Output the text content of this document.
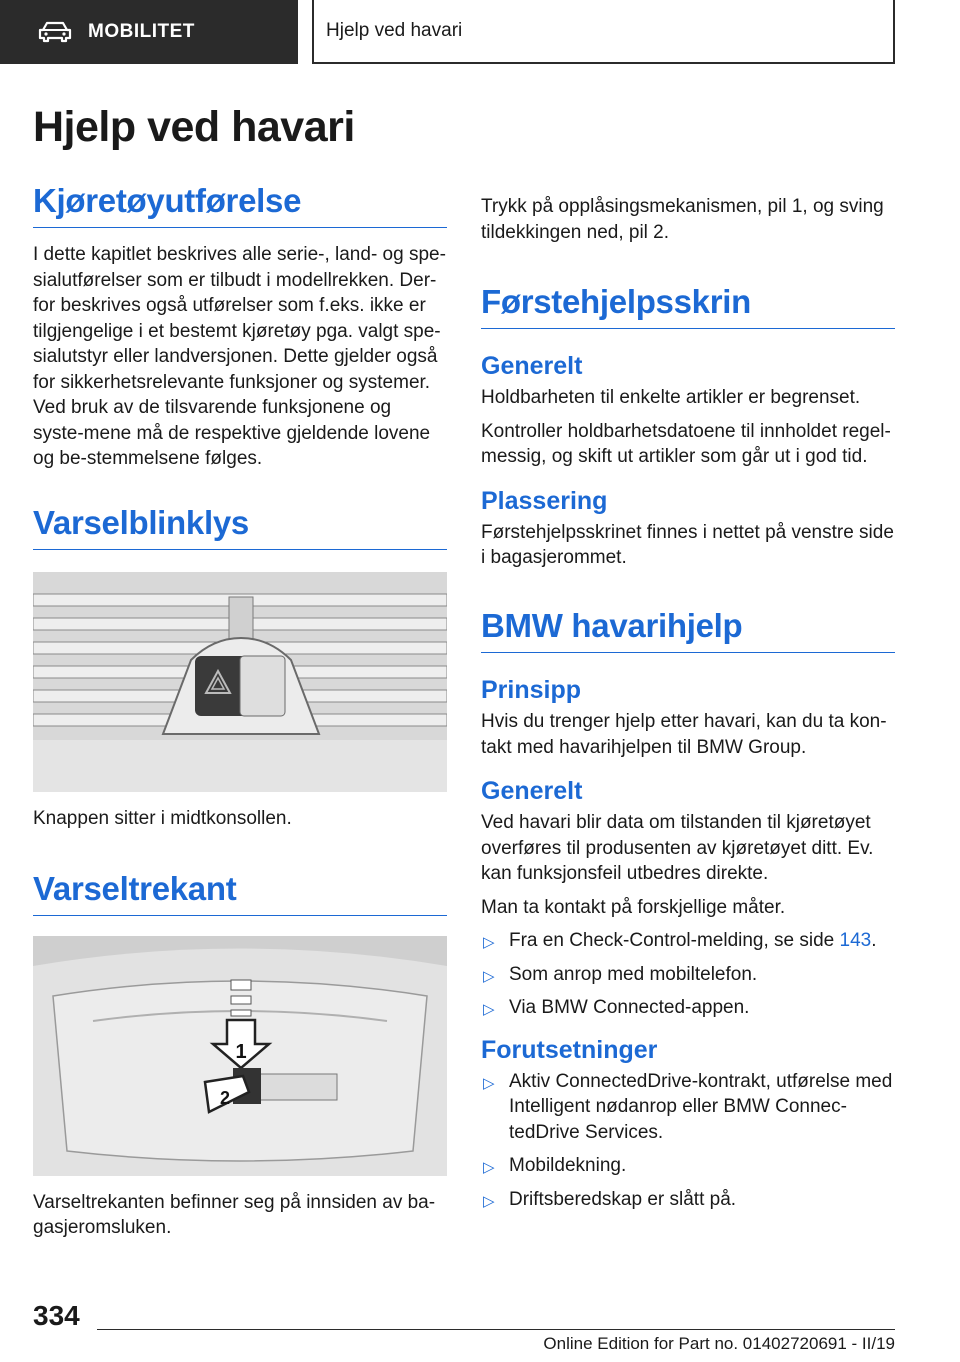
MOBILITET	Hjelp ved havari
Hjelp ved havari
Kjøretøyutførelse

I dette kapitlet beskrives alle serie-, land- og spe-sialutførelser som er tilbudt i modellrekken. Der-for beskrives også utførelser som f.eks. ikke er tilgjengelige i et bestemt kjøretøy pga. valgt spe-sialutstyr eller landversjonen. Dette gjelder også for sikkerhetsrelevante funksjoner og systemer. Ved bruk av de tilsvarende funksjonene og syste-mene må de respektive gjeldende lovene og be-stemmelsene følges.

Varselblinklys

Knappen sitter i midtkonsollen.

Varseltrekant
1
2

Varseltrekanten befinner seg på innsiden av ba-gasjeromsluken.

Trykk på opplåsingsmekanismen, pil 1, og sving tildekkingen ned, pil 2.

Førstehjelpsskrin
Generelt

Holdbarheten til enkelte artikler er begrenset.

Kontroller holdbarhetsdatoene til innholdet regel-messig, og skift ut artikler som går ut i god tid.

Plassering

Førstehjelpsskrinet finnes i nettet på venstre side i bagasjerommet.

BMW havarihjelp
Prinsipp

Hvis du trenger hjelp etter havari, kan du ta kon-takt med havarihjelpen til BMW Group.

Generelt

Ved havari blir data om tilstanden til kjøretøyet overføres til produsenten av kjøretøyet ditt. Ev. kan funksjonsfeil utbedres direkte.

Man ta kontakt på forskjellige måter.

▷ Fra en Check-Control-melding, se side 143.
▷ Som anrop med mobiltelefon.
▷ Via BMW Connected-appen.
Forutsetninger
▷ Aktiv ConnectedDrive-kontrakt, utførelse med Intelligent nødanrop eller BMW Connec-tedDrive Services.
▷ Mobildekning.
▷ Driftsberedskap er slått på.
334
Online Edition for Part no. 01402720691 - II/19
